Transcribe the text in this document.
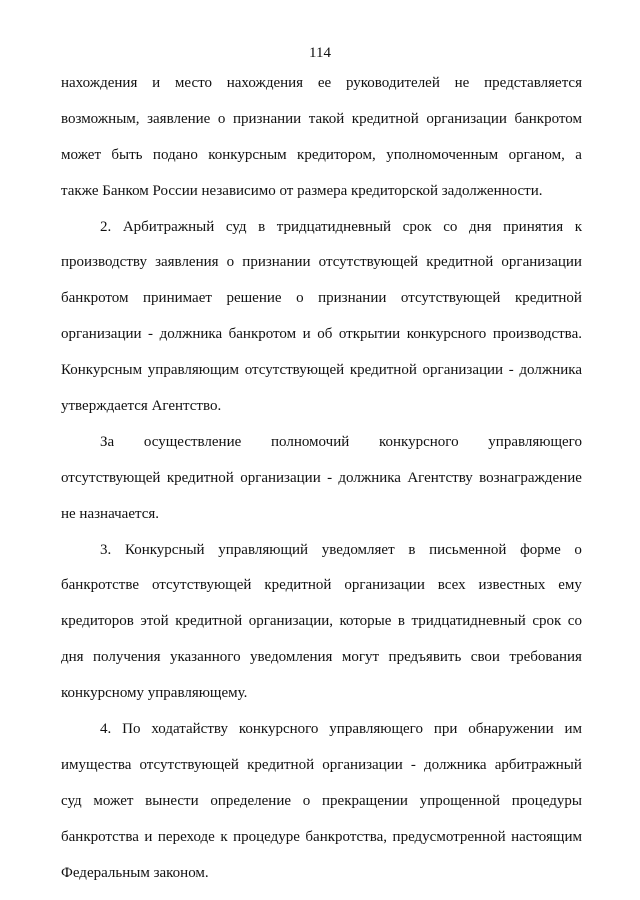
114
нахождения и место нахождения ее руководителей не представляется
возможным, заявление о признании такой кредитной организации банкротом
может быть подано конкурсным кредитором, уполномоченным органом, а
также Банком России независимо от размера кредиторской задолженности.
2. Арбитражный суд в тридцатидневный срок со дня принятия к
производству заявления о признании отсутствующей кредитной организации
банкротом принимает решение о признании отсутствующей кредитной
организации - должника банкротом и об открытии конкурсного производства.
Конкурсным управляющим отсутствующей кредитной организации - должника
утверждается Агентство.
За осуществление полномочий конкурсного управляющего
отсутствующей кредитной организации - должника Агентству вознаграждение
не назначается.
3. Конкурсный управляющий уведомляет в письменной форме о
банкротстве отсутствующей кредитной организации всех известных ему
кредиторов этой кредитной организации, которые в тридцатидневный срок со
дня получения указанного уведомления могут предъявить свои требования
конкурсному управляющему.
4. По ходатайству конкурсного управляющего при обнаружении им
имущества отсутствующей кредитной организации - должника арбитражный
суд может вынести определение о прекращении упрощенной процедуры
банкротства и переходе к процедуре банкротства, предусмотренной настоящим
Федеральным законом.
